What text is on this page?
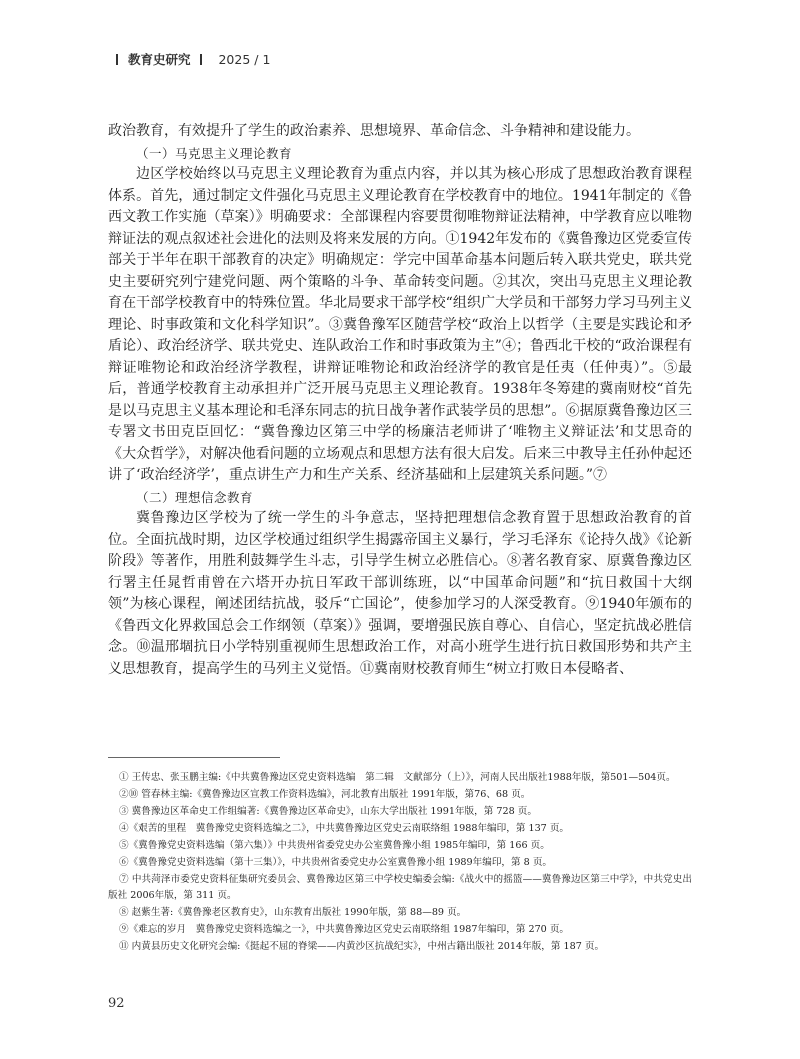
教育史研究 2025 / 1

政治教育，有效提升了学生的政治素养、思想境界、革命信念、斗争精神和建设能力。

（一）马克思主义理论教育

边区学校始终以马克思主义理论教育为重点内容，并以其为核心形成了思想政治教育课程体系。首先，通过制定文件强化马克思主义理论教育在学校教育中的地位。1941年制定的《鲁西文教工作实施（草案）》明确要求：全部课程内容要贯彻唯物辩证法精神，中学教育应以唯物辩证法的观点叙述社会进化的法则及将来发展的方向。①1942年发布的《冀鲁豫边区党委宣传部关于半年在职干部教育的决定》明确规定：学完中国革命基本问题后转入联共党史，联共党史主要研究列宁建党问题、两个策略的斗争、革命转变问题。②其次，突出马克思主义理论教育在干部学校教育中的特殊位置。华北局要求干部学校“组织广大学员和干部努力学习马列主义理论、时事政策和文化科学知识”。③冀鲁豫军区随营学校“政治上以哲学（主要是实践论和矛盾论）、政治经济学、联共党史、连队政治工作和时事政策为主”④；鲁西北干校的“政治课程有辩证唯物论和政治经济学教程，讲辩证唯物论和政治经济学的教官是任夷（任仲夷）”。⑤最后，普通学校教育主动承担并广泛开展马克思主义理论教育。1938年冬筹建的冀南财校“首先是以马克思主义基本理论和毛泽东同志的抗日战争著作武装学员的思想”。⑥据原冀鲁豫边区三专署文书田克臣回忆：“冀鲁豫边区第三中学的杨廉洁老师讲了‘唯物主义辩证法’和艾思奇的《大众哲学》，对解决他看问题的立场观点和思想方法有很大启发。后来三中教导主任孙仲起还讲了‘政治经济学’，重点讲生产力和生产关系、经济基础和上层建筑关系问题。”⑦

（二）理想信念教育

冀鲁豫边区学校为了统一学生的斗争意志，坚持把理想信念教育置于思想政治教育的首位。全面抗战时期，边区学校通过组织学生揭露帝国主义暴行，学习毛泽东《论持久战》《论新阶段》等著作，用胜利鼓舞学生斗志，引导学生树立必胜信心。⑧著名教育家、原冀鲁豫边区行署主任晁哲甫曾在六塔开办抗日军政干部训练班，以“中国革命问题”和“抗日救国十大纲领”为核心课程，阐述团结抗战，驳斥“亡国论”，使参加学习的人深受教育。⑨1940年颁布的《鲁西文化界救国总会工作纲领（草案）》强调，要增强民族自尊心、自信心，坚定抗战必胜信念。⑩温邢堌抗日小学特别重视师生思想政治工作，对高小班学生进行抗日救国形势和共产主义思想教育，提高学生的马列主义觉悟。⑪冀南财校教育师生“树立打败日本侵略者、

① 王传忠、张玉鹏主编:《中共冀鲁豫边区党史资料选编　第二辑　文献部分（上）》，河南人民出版社1988年版，第501—504页。

②⑩ 管春林主编:《冀鲁豫边区宣教工作资料选编》，河北教育出版社 1991年版，第76、68 页。

③ 冀鲁豫边区革命史工作组编著:《冀鲁豫边区革命史》，山东大学出版社 1991年版，第 728 页。

④《艰苦的里程　冀鲁豫党史资料选编之二》，中共冀鲁豫边区党史云南联络组 1988年编印，第 137 页。

⑤《冀鲁豫党史资料选编（第六集）》中共贵州省委党史办公室冀鲁豫小组 1985年编印，第 166 页。

⑥《冀鲁豫党史资料选编（第十三集）》，中共贵州省委党史办公室冀鲁豫小组 1989年编印，第 8 页。

⑦ 中共菏泽市委党史资料征集研究委员会、冀鲁豫边区第三中学校史编委会编:《战火中的摇篮——冀鲁豫边区第三中学》，中共党史出版社 2006年版，第 311 页。

⑧ 赵紫生著:《冀鲁豫老区教育史》，山东教育出版社 1990年版，第 88—89 页。

⑨《难忘的岁月　冀鲁豫党史资料选编之一》，中共冀鲁豫边区党史云南联络组 1987年编印，第 270 页。

⑪ 内黄县历史文化研究会编:《挺起不屈的脊梁——内黄沙区抗战纪实》，中州古籍出版社 2014年版，第 187 页。

92
